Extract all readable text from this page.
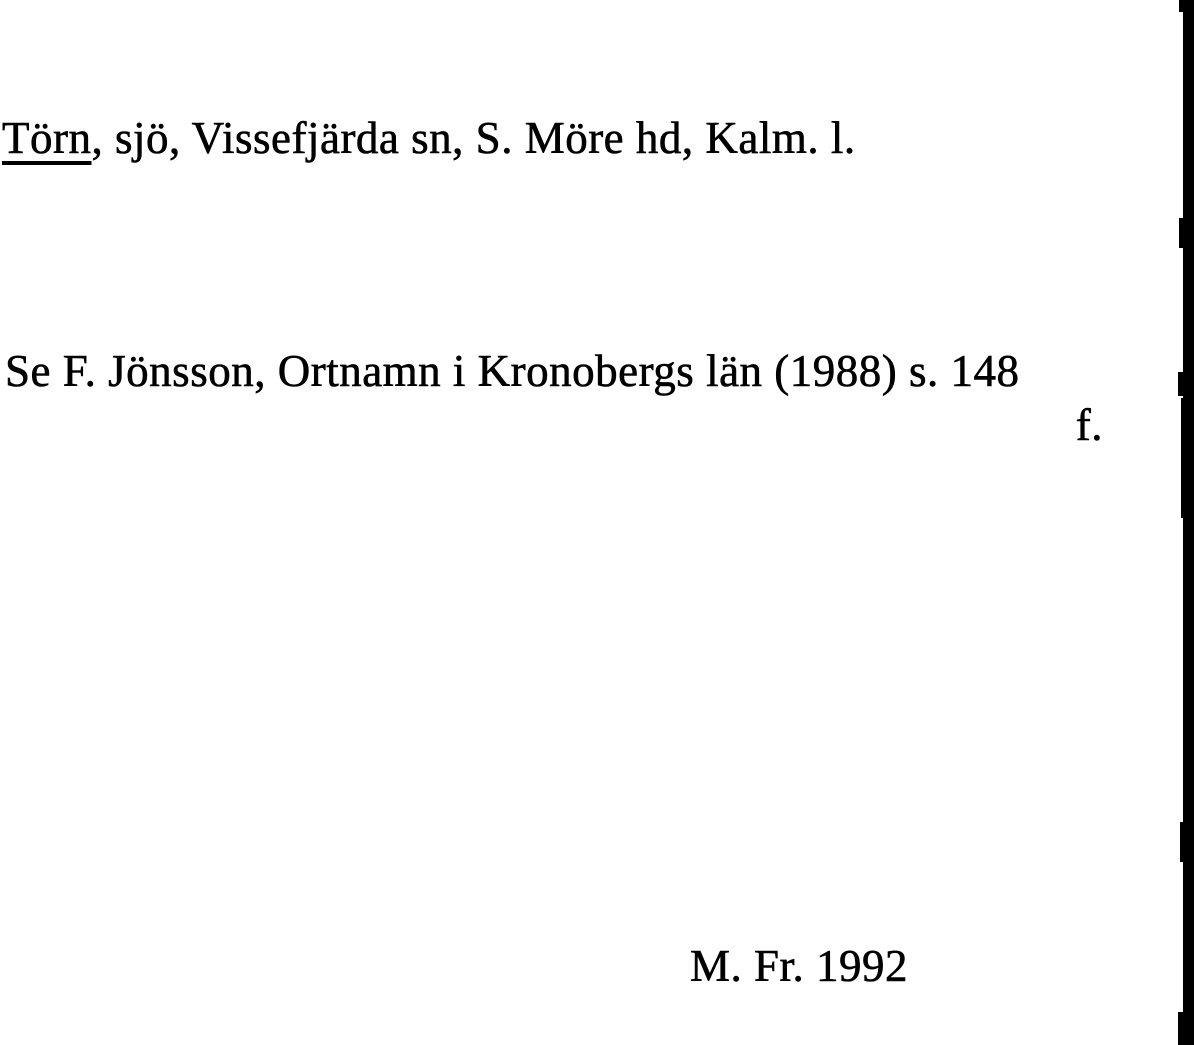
Törn, sjö, Vissefjärda sn, S. Möre hd, Kalm. l.
Se F. Jönsson, Ortnamn i Kronobergs län (1988) s. 148
f.
M. Fr. 1992
